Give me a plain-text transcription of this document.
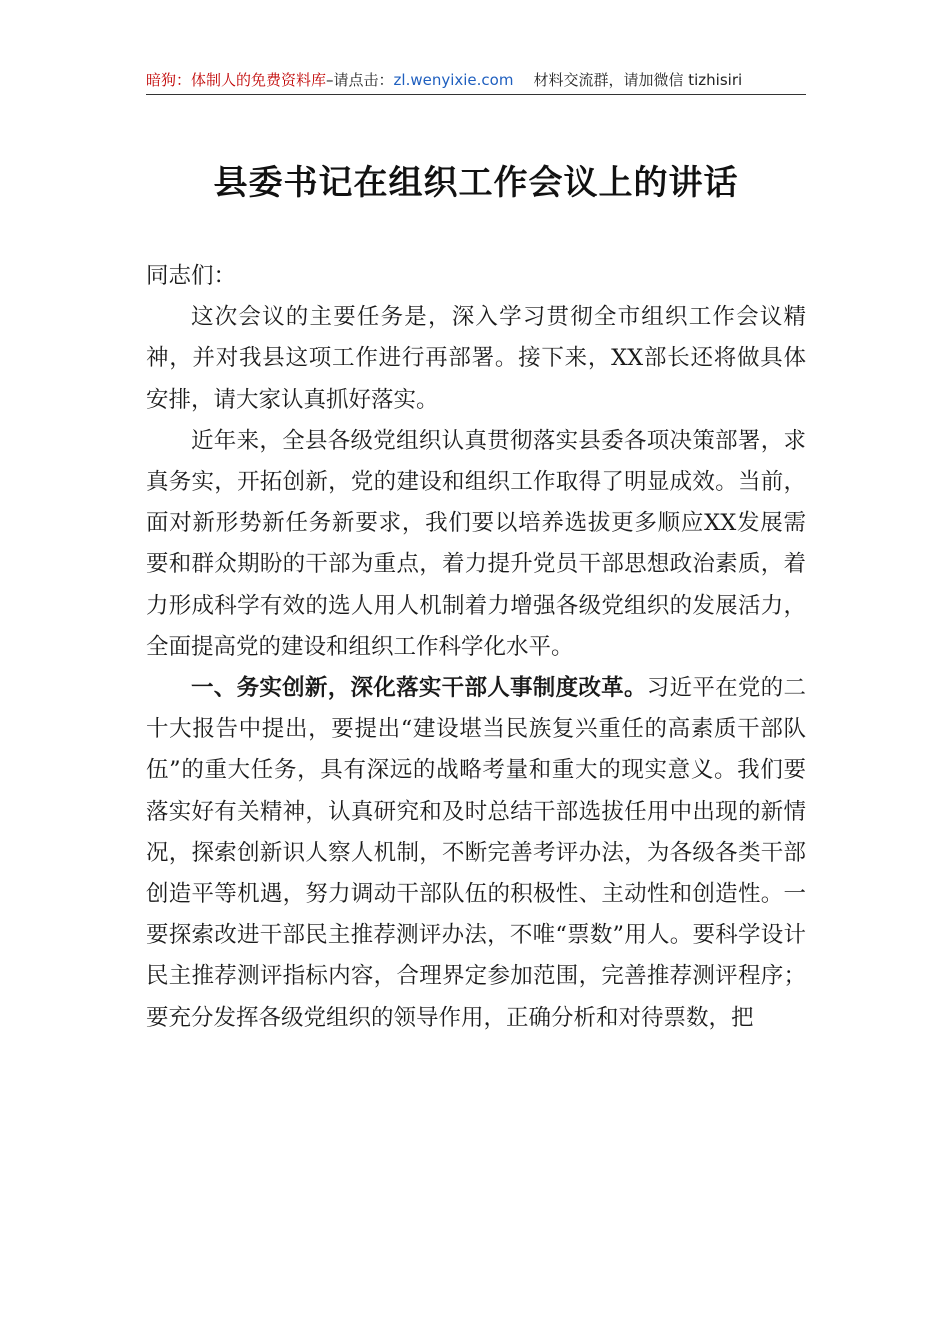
暗狗：体制人的免费资料库–请点击：zl.wenyixie.com 材料交流群，请加微信 tizhisiri
县委书记在组织工作会议上的讲话

同志们：

这次会议的主要任务是，深入学习贯彻全市组织工作会议精神，并对我县这项工作进行再部署。接下来，XX部长还将做具体安排，请大家认真抓好落实。

近年来，全县各级党组织认真贯彻落实县委各项决策部署，求真务实，开拓创新，党的建设和组织工作取得了明显成效。当前，面对新形势新任务新要求，我们要以培养选拔更多顺应XX发展需要和群众期盼的干部为重点，着力提升党员干部思想政治素质，着力形成科学有效的选人用人机制着力增强各级党组织的发展活力，全面提高党的建设和组织工作科学化水平。

一、务实创新，深化落实干部人事制度改革。习近平在党的二十大报告中提出，要提出“建设堪当民族复兴重任的高素质干部队伍”的重大任务，具有深远的战略考量和重大的现实意义。我们要落实好有关精神，认真研究和及时总结干部选拔任用中出现的新情况，探索创新识人察人机制，不断完善考评办法，为各级各类干部创造平等机遇，努力调动干部队伍的积极性、主动性和创造性。一要探索改进干部民主推荐测评办法，不唯“票数”用人。要科学设计民主推荐测评指标内容，合理界定参加范围，完善推荐测评程序；要充分发挥各级党组织的领导作用，正确分析和对待票数，把
